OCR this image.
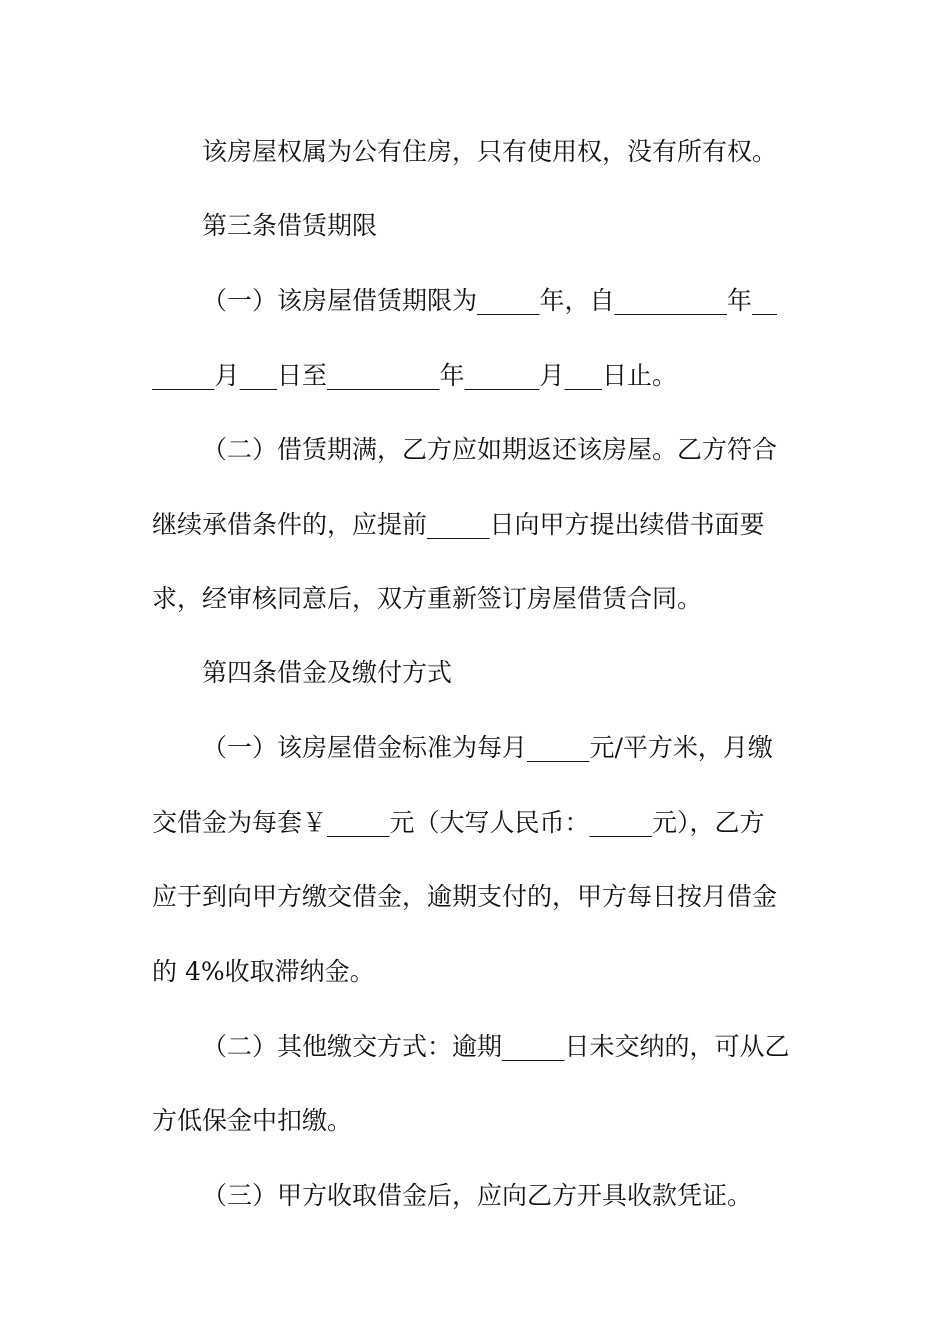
该房屋权属为公有住房，只有使用权，没有所有权。

第三条借赁期限

（一）该房屋借赁期限为_____年，自_________年__

_____月___日至_________年______月___日止。

（二）借赁期满，乙方应如期返还该房屋。乙方符合

继续承借条件的，应提前_____日向甲方提出续借书面要

求，经审核同意后，双方重新签订房屋借赁合同。

第四条借金及缴付方式

（一）该房屋借金标准为每月_____元/平方米，月缴

交借金为每套￥_____元（大写人民币：_____元），乙方

应于到向甲方缴交借金，逾期支付的，甲方每日按月借金

的 4%收取滞纳金。

（二）其他缴交方式：逾期_____日未交纳的，可从乙

方低保金中扣缴。

（三）甲方收取借金后，应向乙方开具收款凭证。
